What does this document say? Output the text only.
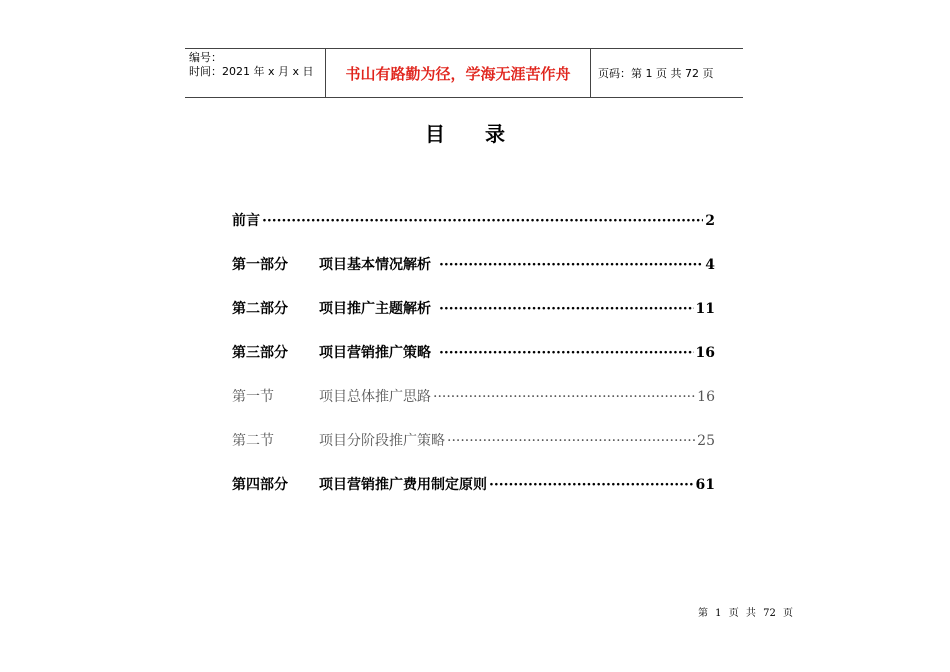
编号：
时间：2021 年 x 月 x 日	书山有路勤为径，学海无涯苦作舟	页码：第 1 页 共 72 页
目录
前言 ·····	2
第一部分	项目基本情况解析 ·····	4
第二部分	项目推广主题解析 ·····	11
第三部分	项目营销推广策略 ·····	16
第一节	项目总体推广思路 ·····	16
第二节	项目分阶段推广策略 ·····	25
第四部分	项目营销推广费用制定原则 ·····	61
第 1 页 共 72 页
